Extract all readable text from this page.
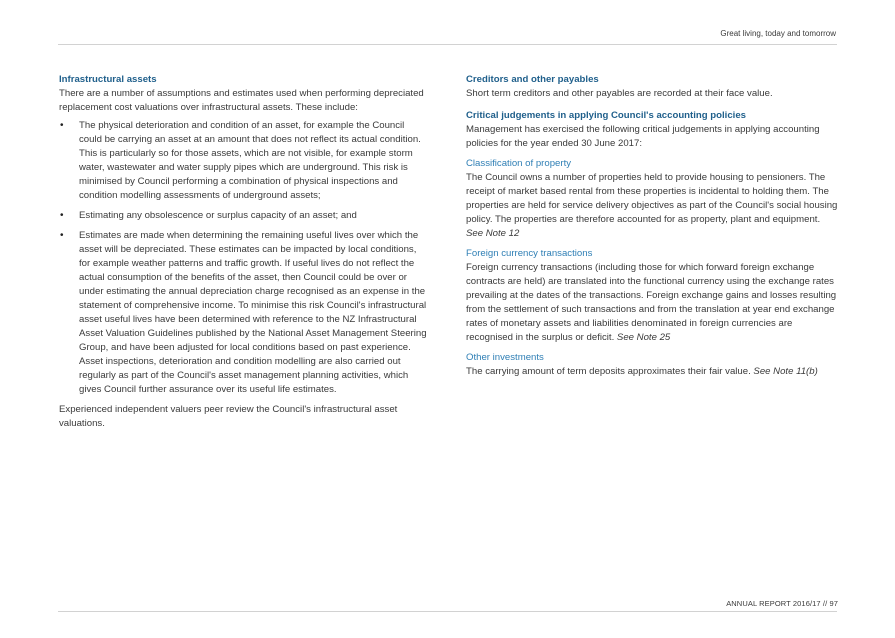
Great living, today and tomorrow

Infrastructural assets

There are a number of assumptions and estimates used when performing depreciated replacement cost valuations over infrastructural assets. These include:

• The physical deterioration and condition of an asset, for example the Council could be carrying an asset at an amount that does not reflect its actual condition. This is particularly so for those assets, which are not visible, for example storm water, wastewater and water supply pipes which are underground. This risk is minimised by Council performing a combination of physical inspections and condition modelling assessments of underground assets;
• Estimating any obsolescence or surplus capacity of an asset; and
• Estimates are made when determining the remaining useful lives over which the asset will be depreciated. These estimates can be impacted by local conditions, for example weather patterns and traffic growth. If useful lives do not reflect the actual consumption of the benefits of the asset, then Council could be over or under estimating the annual depreciation charge recognised as an expense in the statement of comprehensive income. To minimise this risk Council's infrastructural asset useful lives have been determined with reference to the NZ Infrastructural Asset Valuation Guidelines published by the National Asset Management Steering Group, and have been adjusted for local conditions based on past experience. Asset inspections, deterioration and condition modelling are also carried out regularly as part of the Council's asset management planning activities, which gives Council further assurance over its useful life estimates.

Experienced independent valuers peer review the Council's infrastructural asset valuations.

Creditors and other payables

Short term creditors and other payables are recorded at their face value.

Critical judgements in applying Council's accounting policies

Management has exercised the following critical judgements in applying accounting policies for the year ended 30 June 2017:

Classification of property

The Council owns a number of properties held to provide housing to pensioners. The receipt of market based rental from these properties is incidental to holding them. The properties are held for service delivery objectives as part of the Council's social housing policy. The properties are therefore accounted for as property, plant and equipment. See Note 12

Foreign currency transactions

Foreign currency transactions (including those for which forward foreign exchange contracts are held) are translated into the functional currency using the exchange rates prevailing at the dates of the transactions. Foreign exchange gains and losses resulting from the settlement of such transactions and from the translation at year end exchange rates of monetary assets and liabilities denominated in foreign currencies are recognised in the surplus or deficit. See Note 25

Other investments

The carrying amount of term deposits approximates their fair value. See Note 11(b)

ANNUAL REPORT 2016/17 // 97
